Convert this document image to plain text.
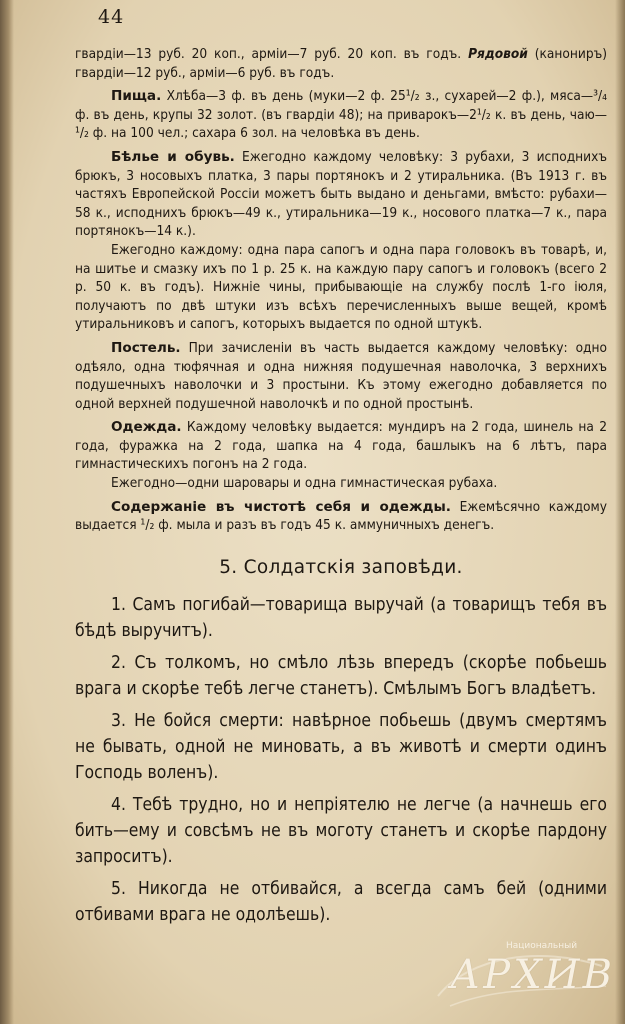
44

гвардіи—13 руб. 20 коп., арміи—7 руб. 20 коп. въ годъ. Рядовой (канониръ) гвардіи—12 руб., арміи—6 руб. въ годъ.

Пища. Хлѣба—3 ф. въ день (муки—2 ф. 25¹/₂ з., сухарей—2 ф.), мяса—³/₄ ф. въ день, крупы 32 золот. (въ гвардіи 48); на приварокъ—2¹/₂ к. въ день, чаю—¹/₂ ф. на 100 чел.; сахара 6 зол. на человѣка въ день.

Бѣлье и обувь. Ежегодно каждому человѣку: 3 рубахи, 3 исподнихъ брюкъ, 3 носовыхъ платка, 3 пары портянокъ и 2 утиральника. (Въ 1913 г. въ частяхъ Европейской Россіи можетъ быть выдано и деньгами, вмѣсто: рубахи—58 к., исподнихъ брюкъ—49 к., утиральника—19 к., носового платка—7 к., пара портянокъ—14 к.).

Ежегодно каждому: одна пара сапогъ и одна пара головокъ въ товарѣ, и, на шитье и смазку ихъ по 1 р. 25 к. на каждую пару сапогъ и головокъ (всего 2 р. 50 к. въ годъ). Нижніе чины, прибывающіе на службу послѣ 1-го іюля, получаютъ по двѣ штуки изъ всѣхъ перечисленныхъ выше вещей, кромѣ утиральниковъ и сапогъ, которыхъ выдается по одной штукѣ.

Постель. При зачисленіи въ часть выдается каждому человѣку: одно одѣяло, одна тюфячная и одна нижняя подушечная наволочка, 3 верхнихъ подушечныхъ наволочки и 3 простыни. Къ этому ежегодно добавляется по одной верхней подушечной наволочкѣ и по одной простынѣ.

Одежда. Каждому человѣку выдается: мундиръ на 2 года, шинель на 2 года, фуражка на 2 года, шапка на 4 года, башлыкъ на 6 лѣтъ, пара гимнастическихъ погонъ на 2 года.

Ежегодно—одни шаровары и одна гимнастическая рубаха.

Содержаніе въ чистотѣ себя и одежды. Ежемѣсячно каждому выдается ¹/₂ ф. мыла и разъ въ годъ 45 к. аммуничныхъ денегъ.

5. Солдатскія заповѣди.

1. Самъ погибай—товарища выручай (а товарищъ тебя въ бѣдѣ выручитъ).

2. Съ толкомъ, но смѣло лѣзь впередъ (скорѣе побьешь врага и скорѣе тебѣ легче станетъ). Смѣлымъ Богъ владѣетъ.

3. Не бойся смерти: навѣрное побьешь (двумъ смертямъ не бывать, одной не миновать, а въ животѣ и смерти одинъ Господь воленъ).

4. Тебѣ трудно, но и непріятелю не легче (а начнешь его бить—ему и совсѣмъ не въ моготу станетъ и скорѣе пардону запроситъ).

5. Никогда не отбивайся, а всегда самъ бей (одними отбивами врага не одолѣешь).

Национальный
АРХИВ
